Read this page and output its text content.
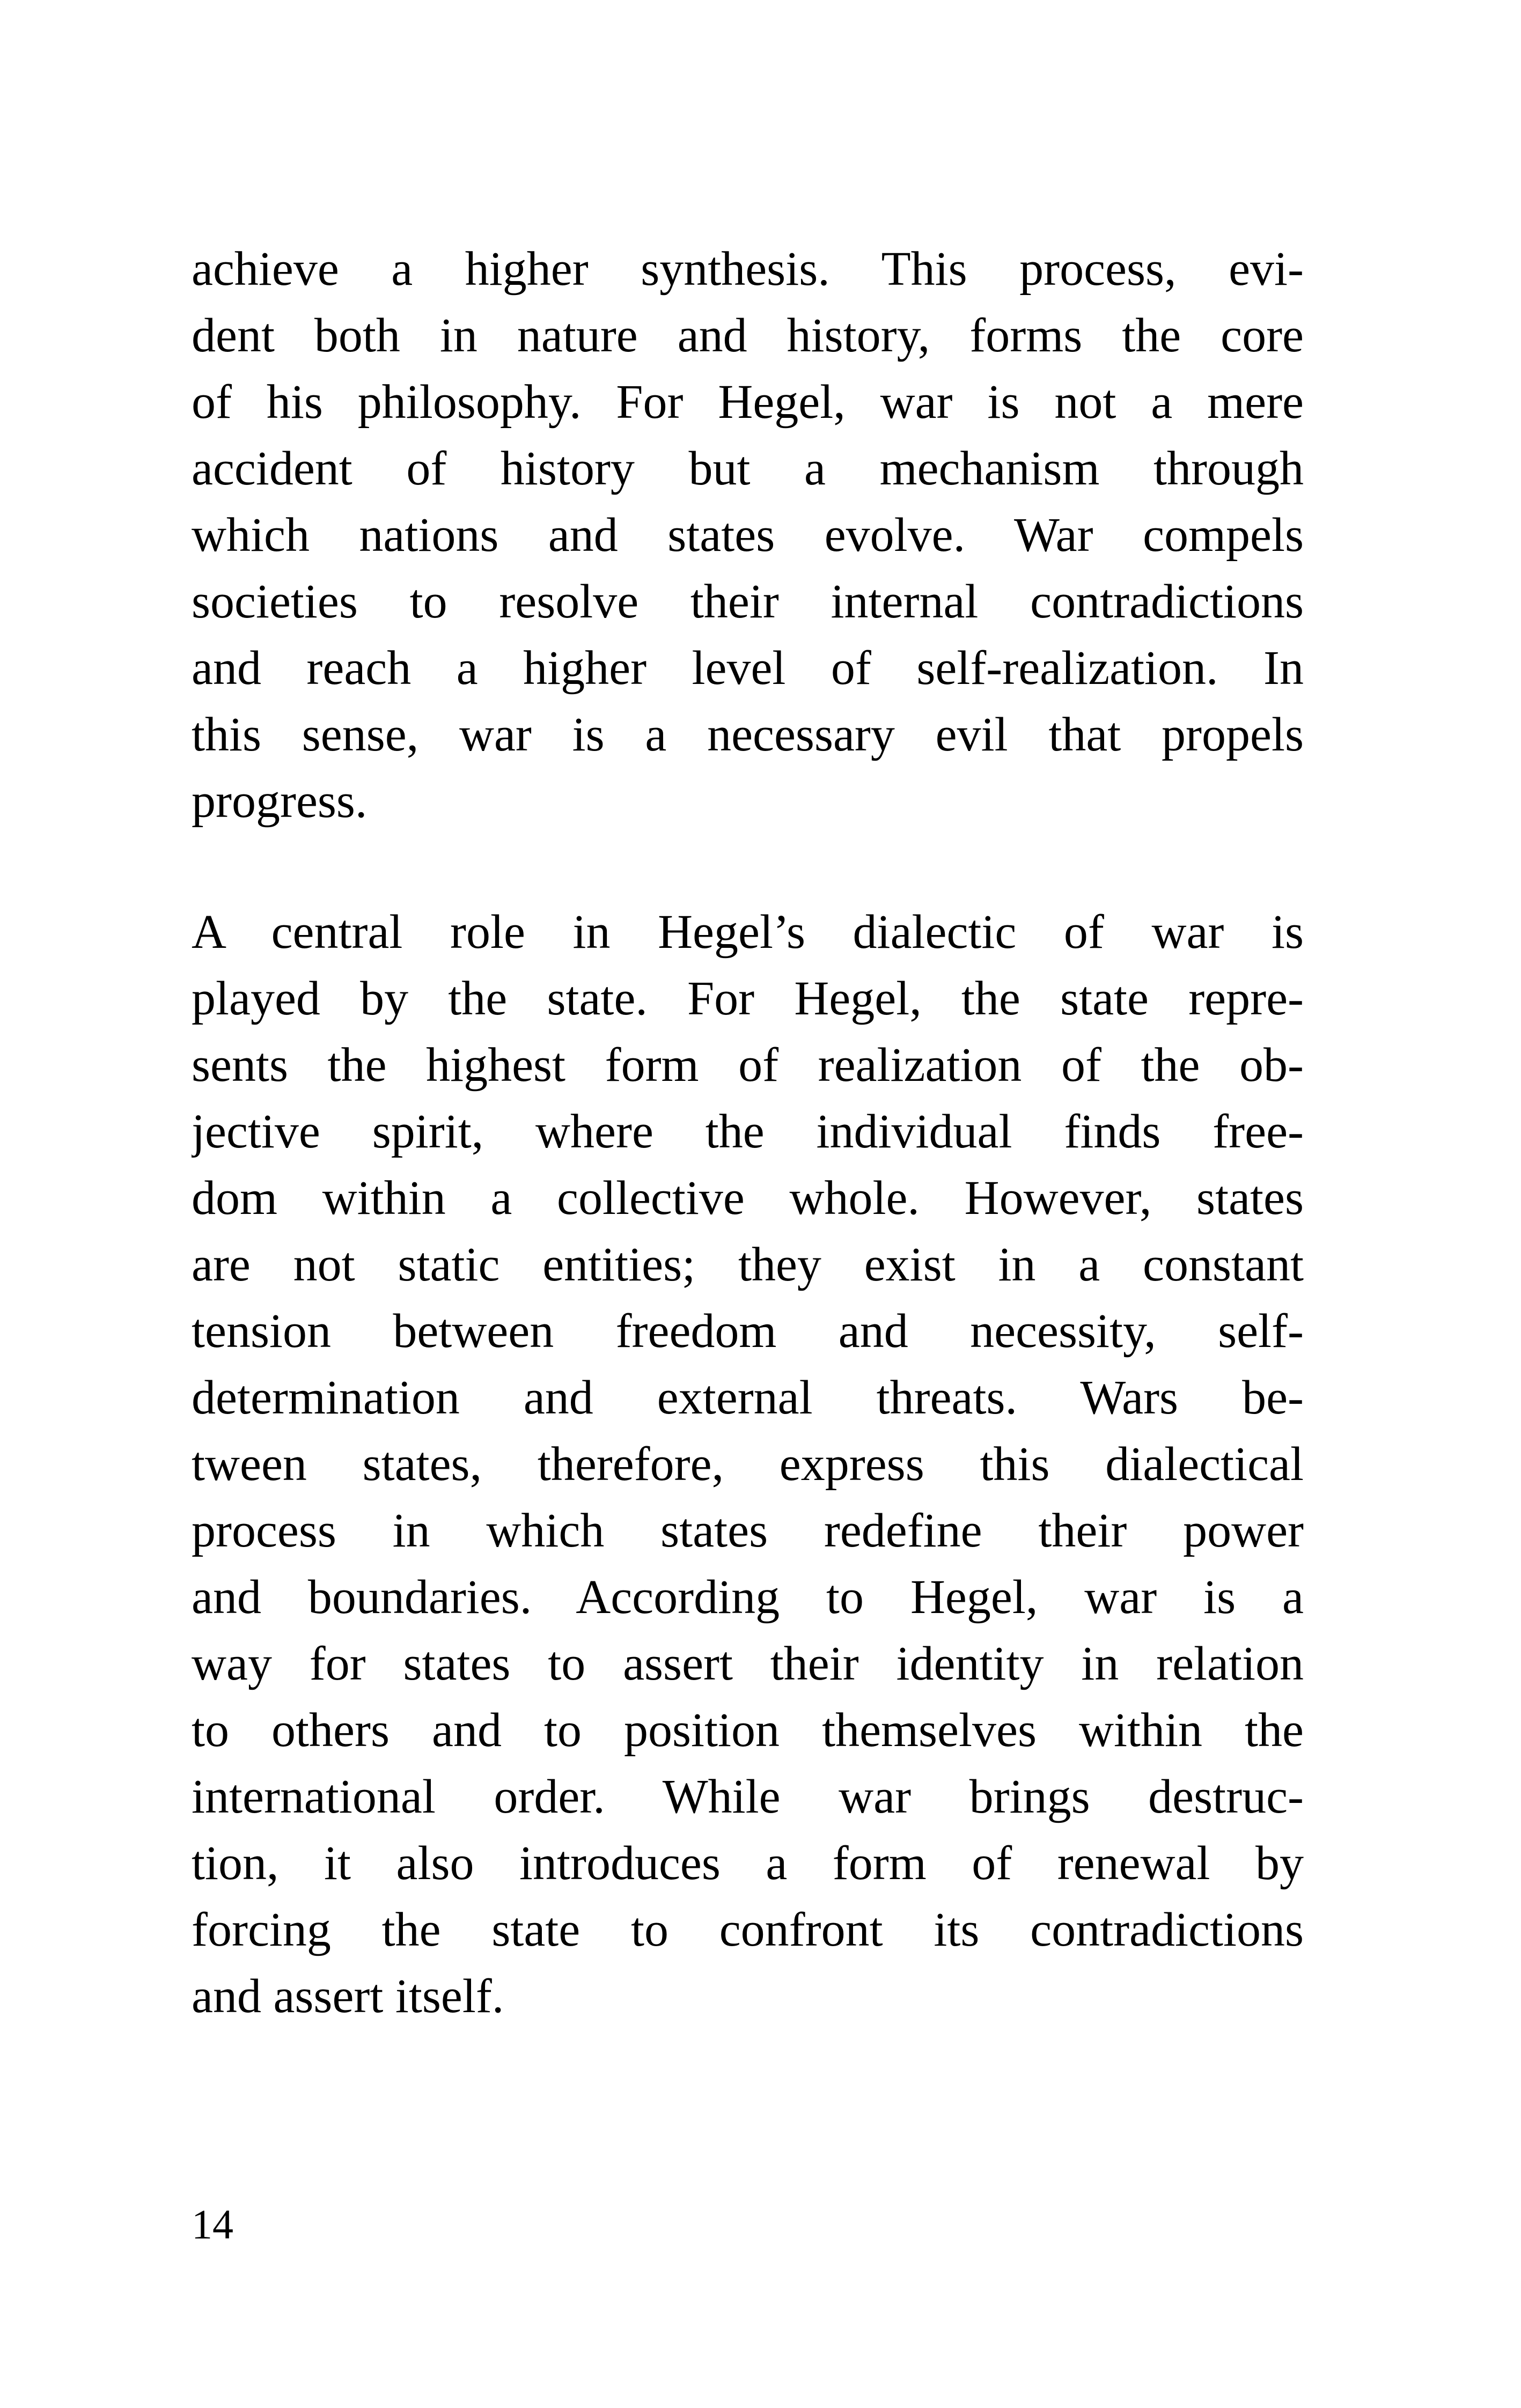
achieve a higher synthesis. This process, evi-
dent both in nature and history, forms the core
of his philosophy. For Hegel, war is not a mere
accident of history but a mechanism through
which nations and states evolve. War compels
societies to resolve their internal contradictions
and reach a higher level of self-realization. In
this sense, war is a necessary evil that propels
progress.
A central role in Hegel’s dialectic of war is
played by the state. For Hegel, the state repre-
sents the highest form of realization of the ob-
jective spirit, where the individual finds free-
dom within a collective whole. However, states
are not static entities; they exist in a constant
tension between freedom and necessity, self-
determination and external threats. Wars be-
tween states, therefore, express this dialectical
process in which states redefine their power
and boundaries. According to Hegel, war is a
way for states to assert their identity in relation
to others and to position themselves within the
international order. While war brings destruc-
tion, it also introduces a form of renewal by
forcing the state to confront its contradictions
and assert itself.
14
